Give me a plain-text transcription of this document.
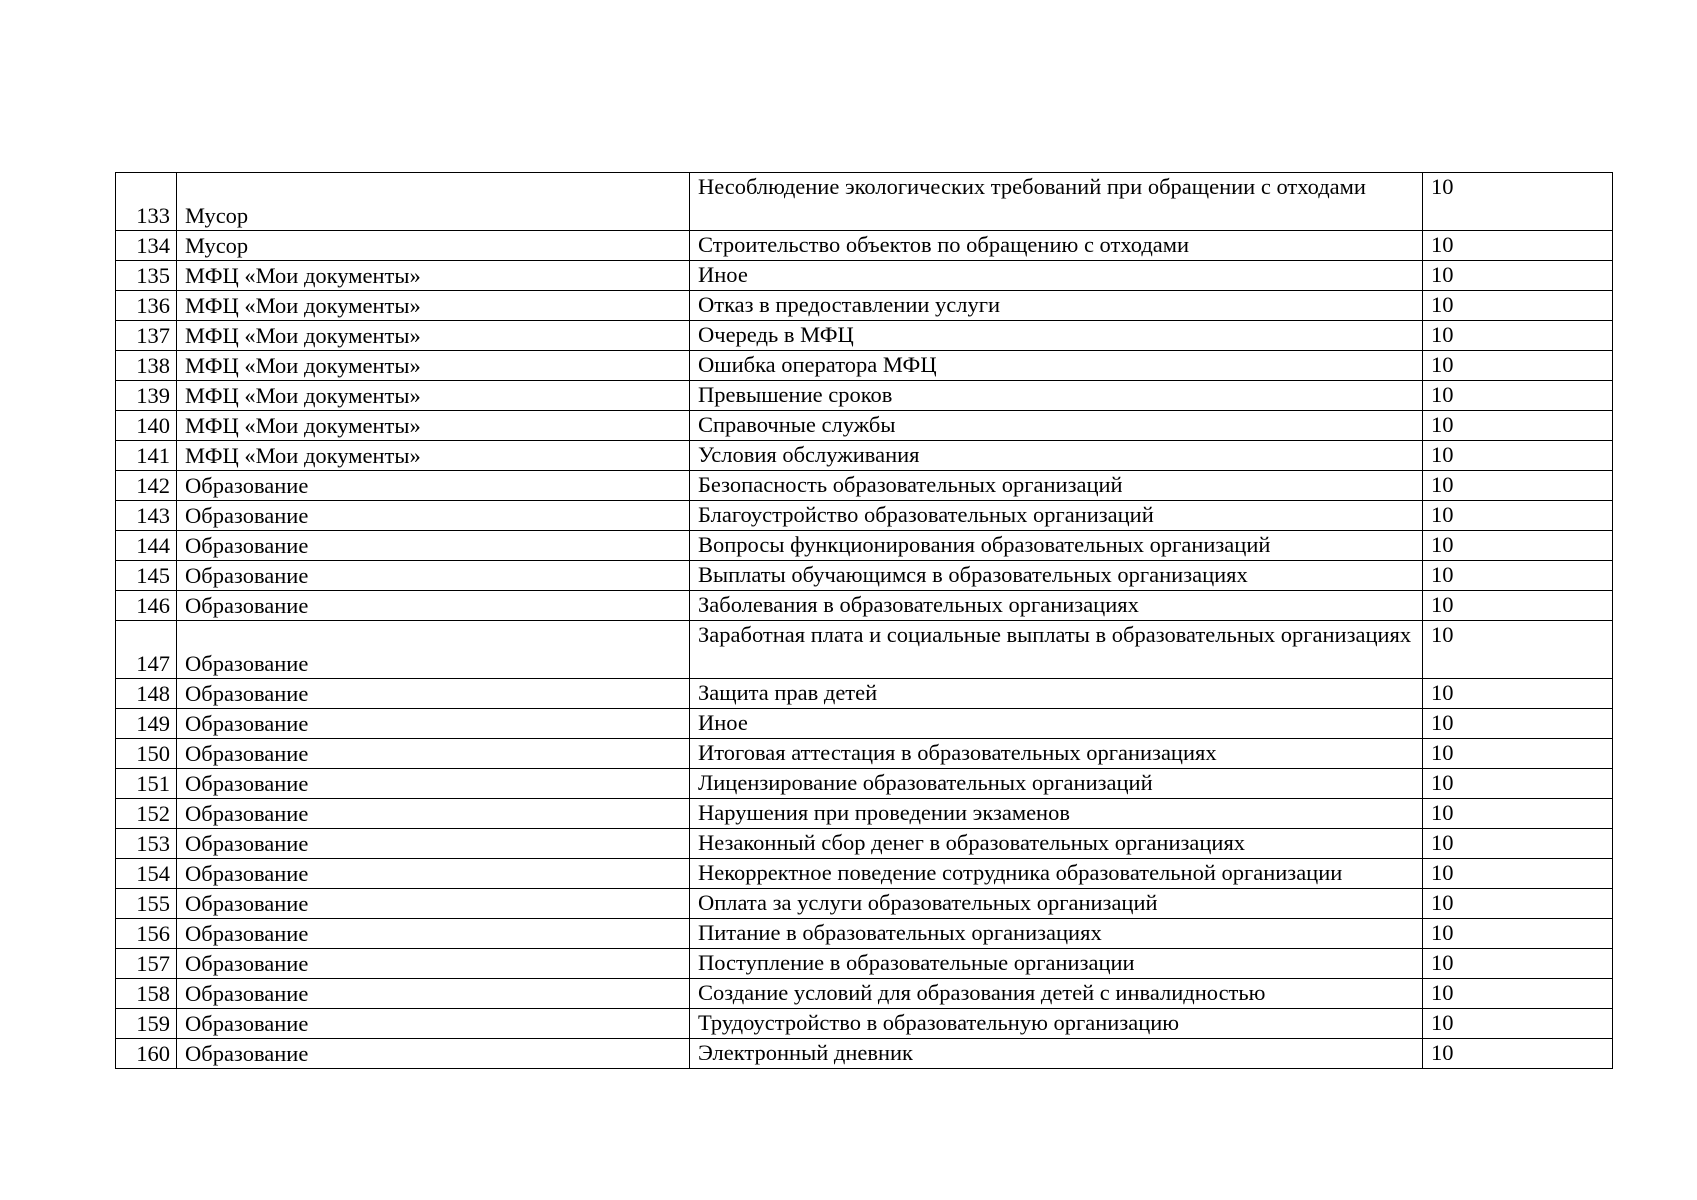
133	Мусор	Несоблюдение экологических требований при обращении с отходами	10
134	Мусор	Строительство объектов по обращению с отходами	10
135	МФЦ «Мои документы»	Иное	10
136	МФЦ «Мои документы»	Отказ в предоставлении услуги	10
137	МФЦ «Мои документы»	Очередь в МФЦ	10
138	МФЦ «Мои документы»	Ошибка оператора МФЦ	10
139	МФЦ «Мои документы»	Превышение сроков	10
140	МФЦ «Мои документы»	Справочные службы	10
141	МФЦ «Мои документы»	Условия обслуживания	10
142	Образование	Безопасность образовательных организаций	10
143	Образование	Благоустройство образовательных организаций	10
144	Образование	Вопросы функционирования образовательных организаций	10
145	Образование	Выплаты обучающимся в образовательных организациях	10
146	Образование	Заболевания в образовательных организациях	10
147	Образование	Заработная плата и социальные выплаты в образовательных организациях	10
148	Образование	Защита прав детей	10
149	Образование	Иное	10
150	Образование	Итоговая аттестация в образовательных организациях	10
151	Образование	Лицензирование образовательных организаций	10
152	Образование	Нарушения при проведении экзаменов	10
153	Образование	Незаконный сбор денег в образовательных организациях	10
154	Образование	Некорректное поведение сотрудника образовательной организации	10
155	Образование	Оплата за услуги образовательных организаций	10
156	Образование	Питание в образовательных организациях	10
157	Образование	Поступление в образовательные организации	10
158	Образование	Создание условий для образования детей с инвалидностью	10
159	Образование	Трудоустройство в образовательную организацию	10
160	Образование	Электронный дневник	10
